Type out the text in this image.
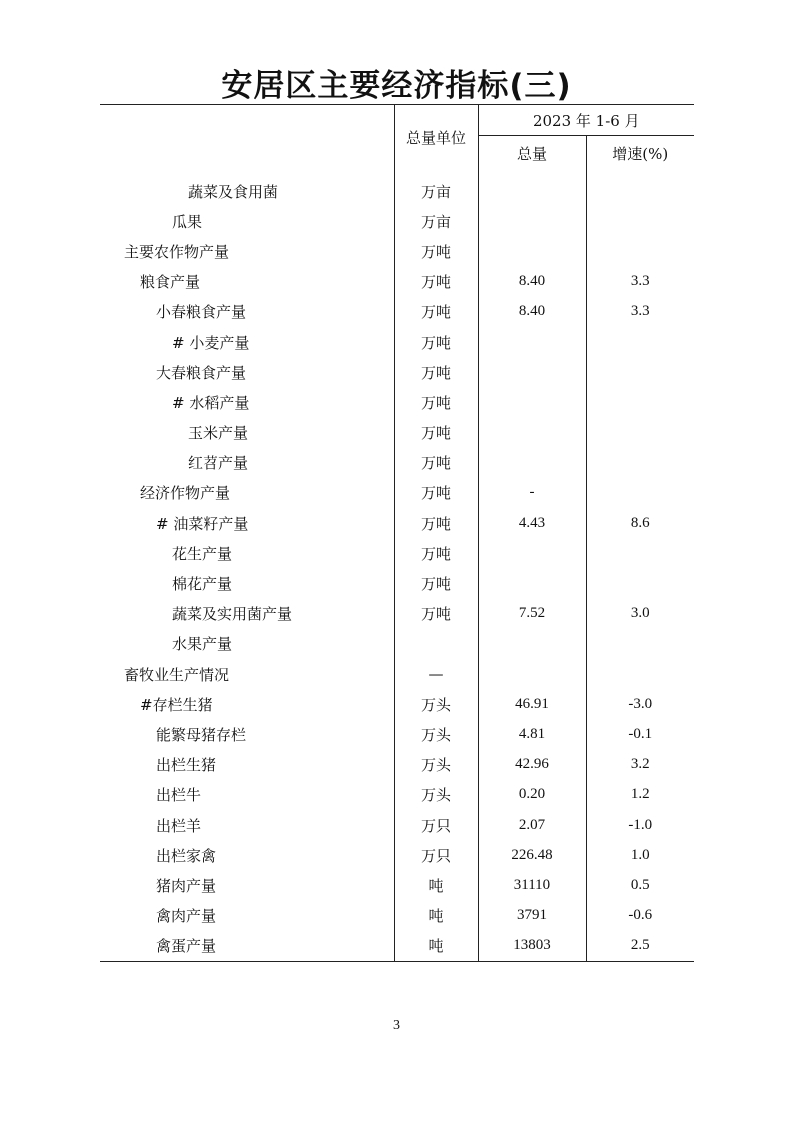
安居区主要经济指标(三)
	总量单位	2023 年 1-6 月	
		总量	增速(%)
蔬菜及食用菌	万亩		
瓜果	万亩		
主要农作物产量	万吨		
粮食产量	万吨	8.40	3.3
小春粮食产量	万吨	8.40	3.3
# 小麦产量	万吨		
大春粮食产量	万吨		
# 水稻产量	万吨		
玉米产量	万吨		
红苕产量	万吨		
经济作物产量	万吨	-	
# 油菜籽产量	万吨	4.43	8.6
花生产量	万吨		
棉花产量	万吨		
蔬菜及实用菌产量	万吨	7.52	3.0
水果产量			
畜牧业生产情况	—		
#存栏生猪	万头	46.91	-3.0
能繁母猪存栏	万头	4.81	-0.1
出栏生猪	万头	42.96	3.2
出栏牛	万头	0.20	1.2
出栏羊	万只	2.07	-1.0
出栏家禽	万只	226.48	1.0
猪肉产量	吨	31110	0.5
禽肉产量	吨	3791	-0.6
禽蛋产量	吨	13803	2.5
3
